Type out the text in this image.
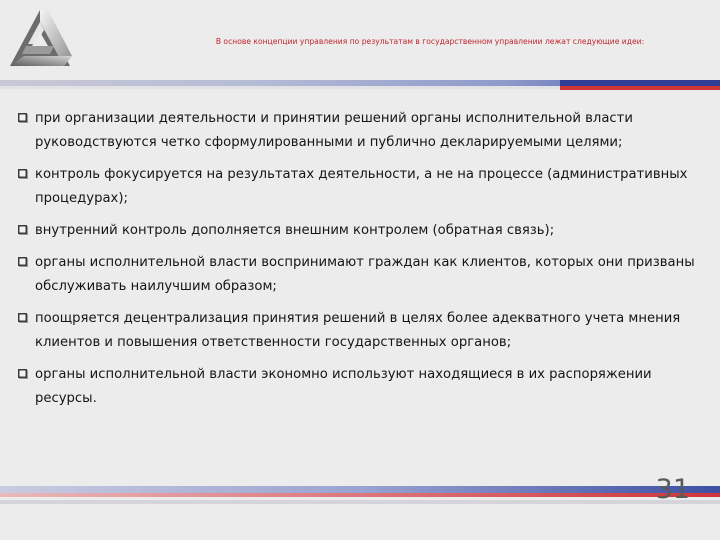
В основе концепции управления по результатам в государственном управлении лежат следующие идеи:
при организации деятельности и принятии решений органы исполнительной власти руководствуются четко сформулированными и публично декларируемыми целями;
контроль фокусируется на результатах деятельности, а не на процессе (административных процедурах);
внутренний контроль дополняется внешним контролем (обратная связь);
органы исполнительной власти воспринимают граждан как клиентов, которых они призваны обслуживать наилучшим образом;
поощряется децентрализация принятия решений в целях более адекватного учета мнения клиентов и повышения ответственности государственных органов;
органы исполнительной власти экономно используют находящиеся в их распоряжении ресурсы.
31
